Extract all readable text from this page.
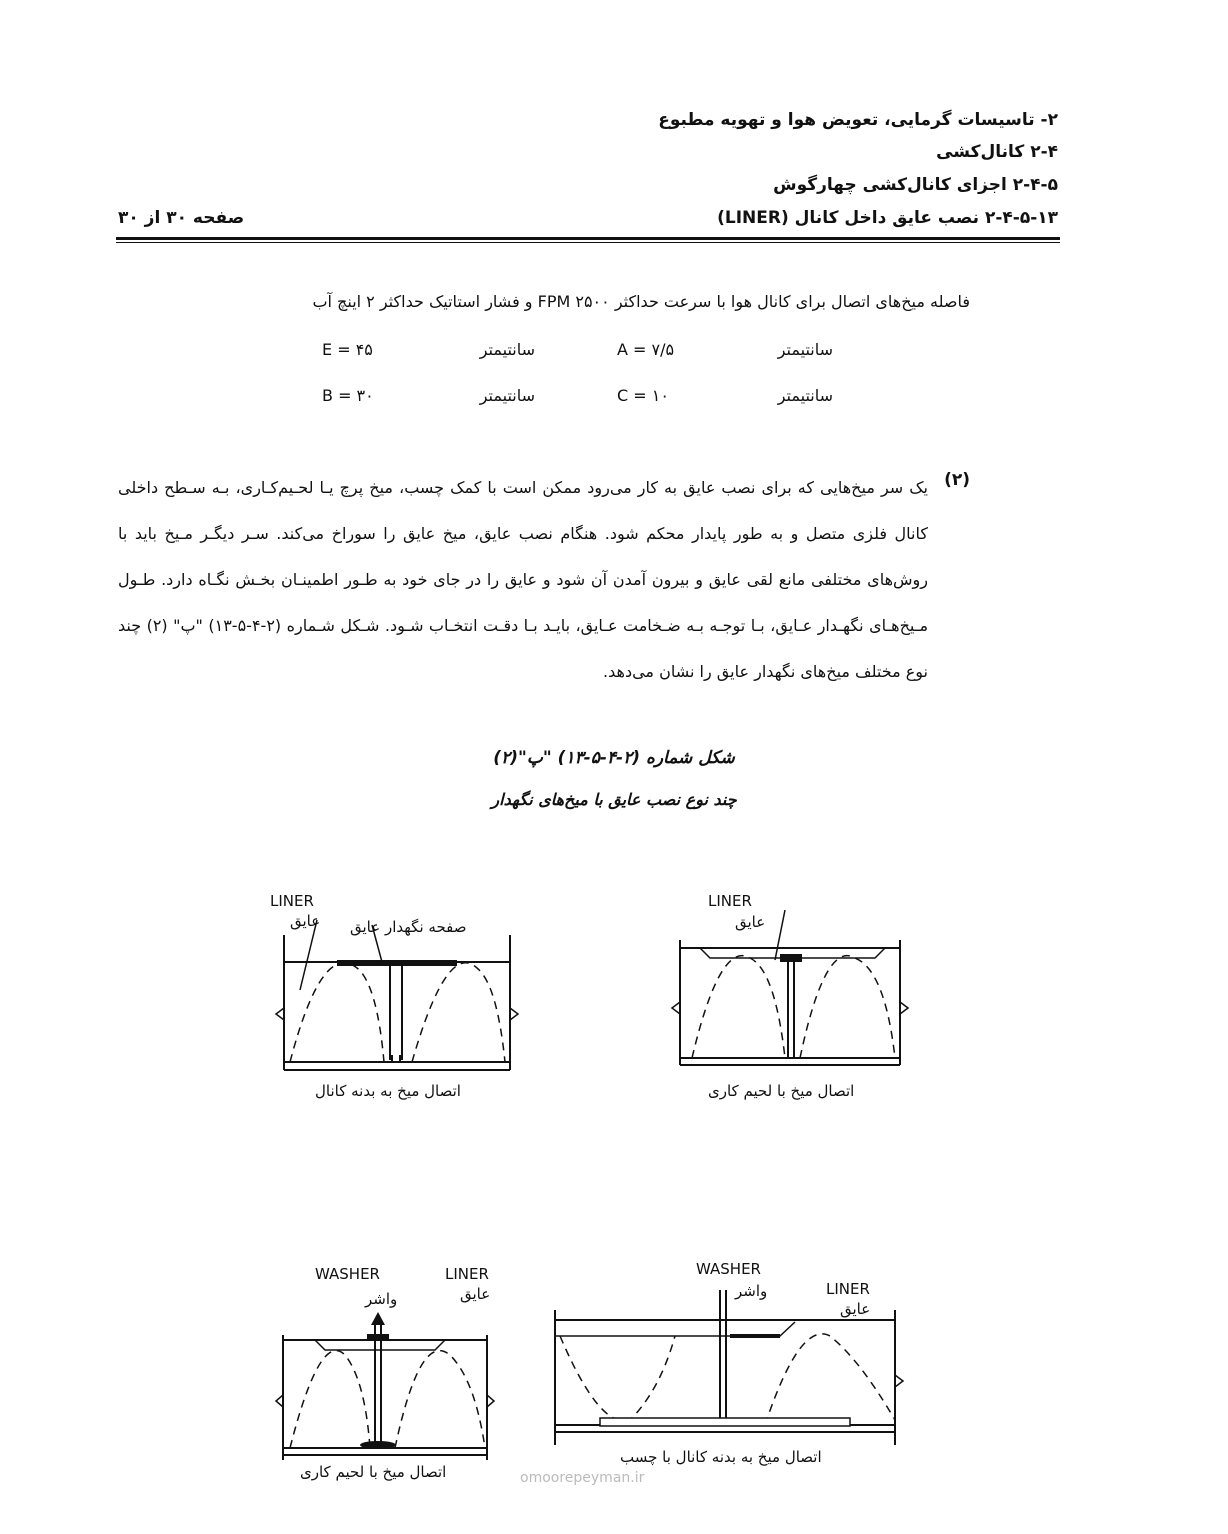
۲- تاسیسات گرمایی، تعویض هوا و تهویه مطبوع
۲-۴ کانال‌کشی
۲-۴-۵ اجزای کانال‌کشی چهارگوش
۲-۴-۵-۱۳ نصب عایق داخل کانال (LINER)
صفحه ۳۰ از ۳۰
فاصله میخ‌های اتصال برای کانال هوا با سرعت حداکثر FPM ۲۵۰۰ و فشار استاتیک حداکثر ۲ اینچ آب
سانتیمتر
A = ۷/۵
سانتیمتر
E = ۴۵
سانتیمتر
C = ۱۰
سانتیمتر
B = ۳۰
(۲)
یک سر میخ‌هایی که برای نصب عایق به کار می‌رود ممکن است با کمک چسب، میخ پرچ یـا لحـیم‌کـاری، بـه سـطح داخلی کانال فلزی متصل و به طور پایدار محکم شود. هنگام نصب عایق، میخ عایق را سوراخ می‌کند. سـر دیگـر مـیخ باید با روش‌های مختلفی مانع لقی عایق و بیرون آمدن آن شود و عایق را در جای خود به طـور اطمینـان بخـش نگـاه دارد. طـول مـیخ‌هـای نگهـدار عـایق، بـا توجـه بـه ضـخامت عـایق، بایـد بـا دقـت انتخـاب شـود. شـکل شـماره (۲-۴-۵-۱۳) "پ" (۲) چند نوع مختلف میخ‌های نگهدار عایق را نشان می‌دهد.
شکل شماره (۲-۴-۵-۱۳) "پ"(۲)
چند نوع نصب عایق با میخ‌های نگهدار
LINER
عایق
اتصال میخ با لحیم کاری
LINER
عایق صفحه نگهدار عایق
اتصال میخ به بدنه کانال
WASHER
واشر	LINER
عایق
اتصال میخ به بدنه کانال با چسب
WASHER
واشر
LINER
عایق
اتصال میخ با لحیم کاری	omoorepeyman.ir
